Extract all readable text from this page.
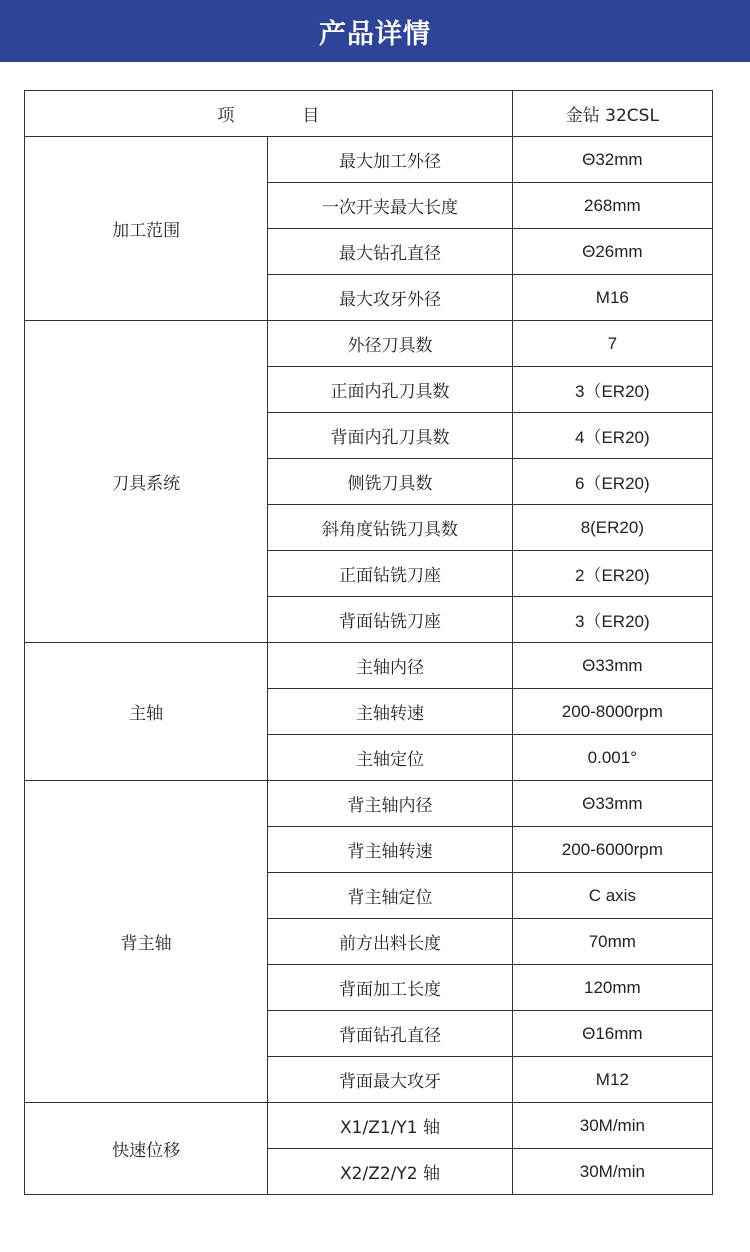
产品详情
项 目		金钻 32CSL
加工范围	最大加工外径	Θ32mm
	一次开夹最大长度	268mm
	最大钻孔直径	Θ26mm
	最大攻牙外径	M16
刀具系统	外径刀具数	7
	正面内孔刀具数	3（ER20)
	背面内孔刀具数	4（ER20)
	侧铣刀具数	6（ER20)
	斜角度钻铣刀具数	8(ER20)
	正面钻铣刀座	2（ER20)
	背面钻铣刀座	3（ER20)
主轴	主轴内径	Θ33mm
	主轴转速	200-8000rpm
	主轴定位	0.001°
背主轴	背主轴内径	Θ33mm
	背主轴转速	200-6000rpm
	背主轴定位	C axis
	前方出料长度	70mm
	背面加工长度	120mm
	背面钻孔直径	Θ16mm
	背面最大攻牙	M12
快速位移	X1/Z1/Y1 轴	30M/min
	X2/Z2/Y2 轴	30M/min
